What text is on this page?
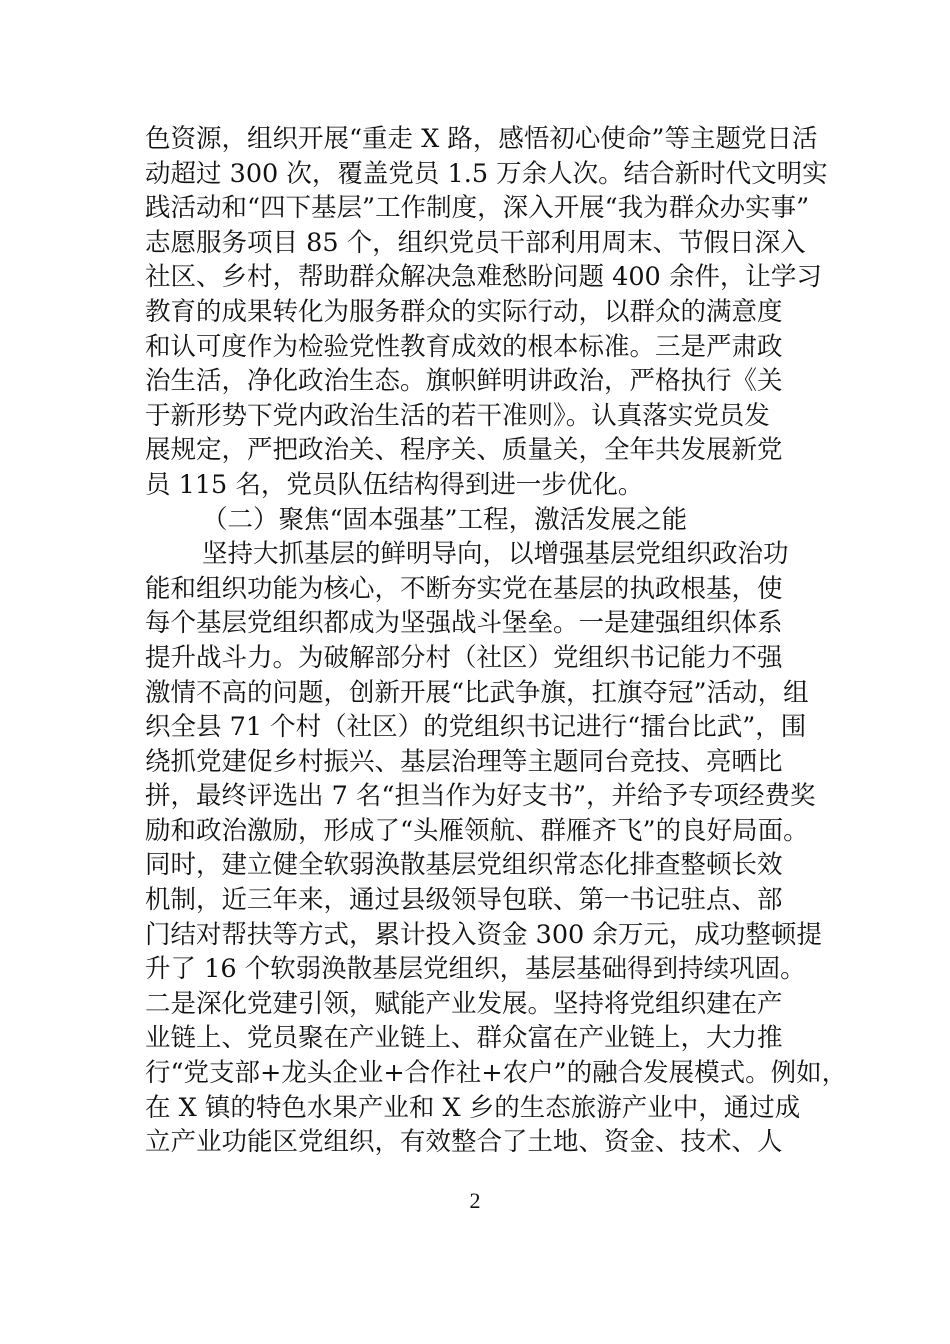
色资源，组织开展“重走 X 路，感悟初心使命”等主题党日活
动超过 300 次，覆盖党员 1.5 万余人次。结合新时代文明实
践活动和“四下基层”工作制度，深入开展“我为群众办实事”
志愿服务项目 85 个，组织党员干部利用周末、节假日深入
社区、乡村，帮助群众解决急难愁盼问题 400 余件，让学习
教育的成果转化为服务群众的实际行动，以群众的满意度
和认可度作为检验党性教育成效的根本标准。三是严肃政
治生活，净化政治生态。旗帜鲜明讲政治，严格执行《关
于新形势下党内政治生活的若干准则》。认真落实党员发
展规定，严把政治关、程序关、质量关，全年共发展新党
员 115 名，党员队伍结构得到进一步优化。
（二）聚焦“固本强基”工程，激活发展之能
坚持大抓基层的鲜明导向，以增强基层党组织政治功
能和组织功能为核心，不断夯实党在基层的执政根基，使
每个基层党组织都成为坚强战斗堡垒。一是建强组织体系
提升战斗力。为破解部分村（社区）党组织书记能力不强
激情不高的问题，创新开展“比武争旗，扛旗夺冠”活动，组
织全县 71 个村（社区）的党组织书记进行“擂台比武”，围
绕抓党建促乡村振兴、基层治理等主题同台竞技、亮晒比
拼，最终评选出 7 名“担当作为好支书”，并给予专项经费奖
励和政治激励，形成了“头雁领航、群雁齐飞”的良好局面。
同时，建立健全软弱涣散基层党组织常态化排查整顿长效
机制，近三年来，通过县级领导包联、第一书记驻点、部
门结对帮扶等方式，累计投入资金 300 余万元，成功整顿提
升了 16 个软弱涣散基层党组织，基层基础得到持续巩固。
二是深化党建引领，赋能产业发展。坚持将党组织建在产
业链上、党员聚在产业链上、群众富在产业链上，大力推
行“党支部+龙头企业+合作社+农户”的融合发展模式。例如，
在 X 镇的特色水果产业和 X 乡的生态旅游产业中，通过成
立产业功能区党组织，有效整合了土地、资金、技术、人
2
